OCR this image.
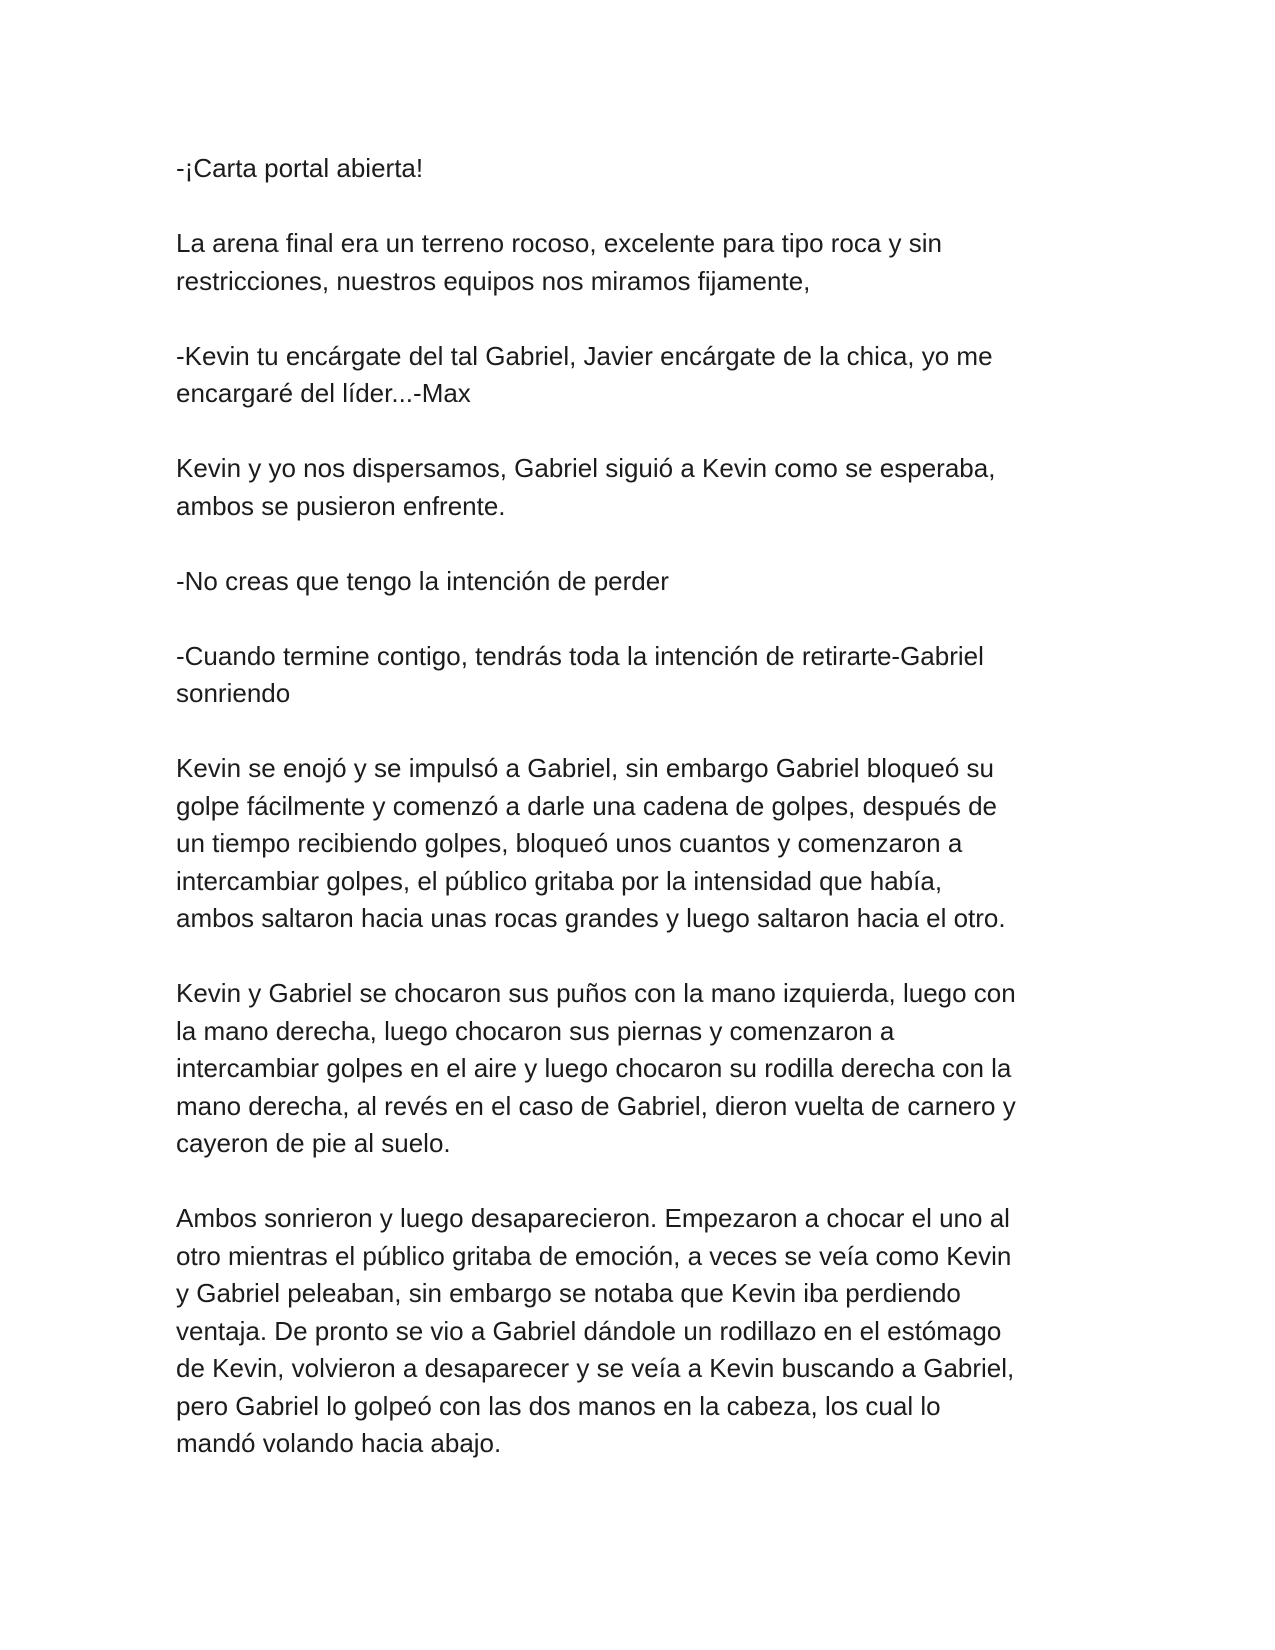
-¡Carta portal abierta!

La arena final era un terreno rocoso, excelente para tipo roca y sin
restricciones, nuestros equipos nos miramos fijamente,

-Kevin tu encárgate del tal Gabriel, Javier encárgate de la chica, yo me
encargaré del líder...-Max

Kevin y yo nos dispersamos, Gabriel siguió a Kevin como se esperaba,
ambos se pusieron enfrente.

-No creas que tengo la intención de perder

-Cuando termine contigo, tendrás toda la intención de retirarte-Gabriel
sonriendo

Kevin se enojó y se impulsó a Gabriel, sin embargo Gabriel bloqueó su
golpe fácilmente y comenzó a darle una cadena de golpes, después de
un tiempo recibiendo golpes, bloqueó unos cuantos y comenzaron a
intercambiar golpes, el público gritaba por la intensidad que había,
ambos saltaron hacia unas rocas grandes y luego saltaron hacia el otro.

Kevin y Gabriel se chocaron sus puños con la mano izquierda, luego con
la mano derecha, luego chocaron sus piernas y comenzaron a
intercambiar golpes en el aire y luego chocaron su rodilla derecha con la
mano derecha, al revés en el caso de Gabriel, dieron vuelta de carnero y
cayeron de pie al suelo.

Ambos sonrieron y luego desaparecieron. Empezaron a chocar el uno al
otro mientras el público gritaba de emoción, a veces se veía como Kevin
y Gabriel peleaban, sin embargo se notaba que Kevin iba perdiendo
ventaja. De pronto se vio a Gabriel dándole un rodillazo en el estómago
de Kevin, volvieron a desaparecer y se veía a Kevin buscando a Gabriel,
pero Gabriel lo golpeó con las dos manos en la cabeza, los cual lo
mandó volando hacia abajo.
